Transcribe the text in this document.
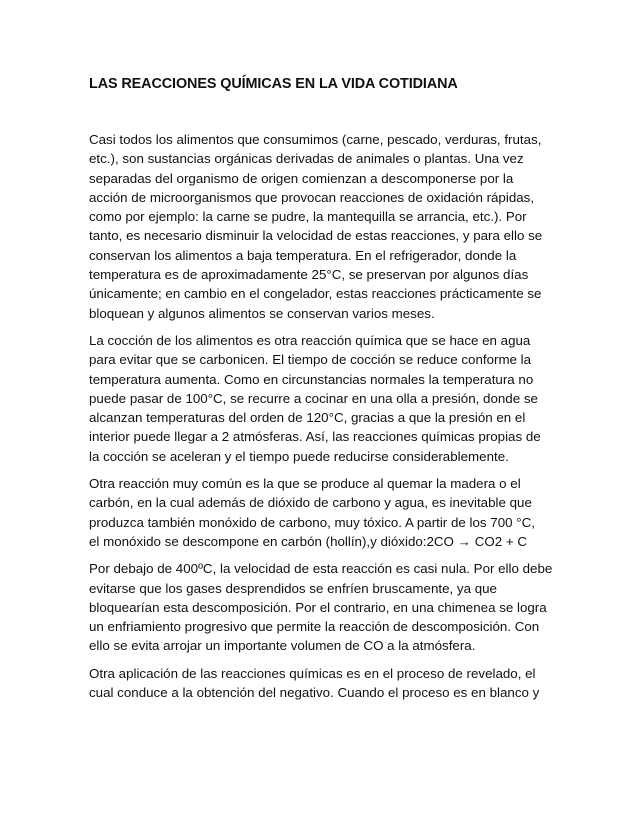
LAS REACCIONES QUÍMICAS EN LA VIDA COTIDIANA

Casi todos los alimentos que consumimos (carne, pescado, verduras, frutas,
etc.), son sustancias orgánicas derivadas de animales o plantas. Una vez
separadas del organismo de origen comienzan a descomponerse por la
acción de microorganismos que provocan reacciones de oxidación rápidas,
como por ejemplo: la carne se pudre, la mantequilla se arrancia, etc.). Por
tanto, es necesario disminuir la velocidad de estas reacciones, y para ello se
conservan los alimentos a baja temperatura. En el refrigerador, donde la
temperatura es de aproximadamente 25°C, se preservan por algunos días
únicamente; en cambio en el congelador, estas reacciones prácticamente se
bloquean y algunos alimentos se conservan varios meses.

La cocción de los alimentos es otra reacción química que se hace en agua
para evitar que se carbonicen. El tiempo de cocción se reduce conforme la
temperatura aumenta. Como en circunstancias normales la temperatura no
puede pasar de 100°C, se recurre a cocinar en una olla a presión, donde se
alcanzan temperaturas del orden de 120°C, gracias a que la presión en el
interior puede llegar a 2 atmósferas. Así, las reacciones químicas propias de
la cocción se aceleran y el tiempo puede reducirse considerablemente.

Otra reacción muy común es la que se produce al quemar la madera o el
carbón, en la cual además de dióxido de carbono y agua, es inevitable que
produzca también monóxido de carbono, muy tóxico. A partir de los 700 °C,
el monóxido se descompone en carbón (hollín),y dióxido:2CO → CO2 + C

Por debajo de 400ºC, la velocidad de esta reacción es casi nula. Por ello debe
evitarse que los gases desprendidos se enfríen bruscamente, ya que
bloquearían esta descomposición. Por el contrario, en una chimenea se logra
un enfriamiento progresivo que permite la reacción de descomposición. Con
ello se evita arrojar un importante volumen de CO a la atmósfera.

Otra aplicación de las reacciones químicas es en el proceso de revelado, el
cual conduce a la obtención del negativo. Cuando el proceso es en blanco y
